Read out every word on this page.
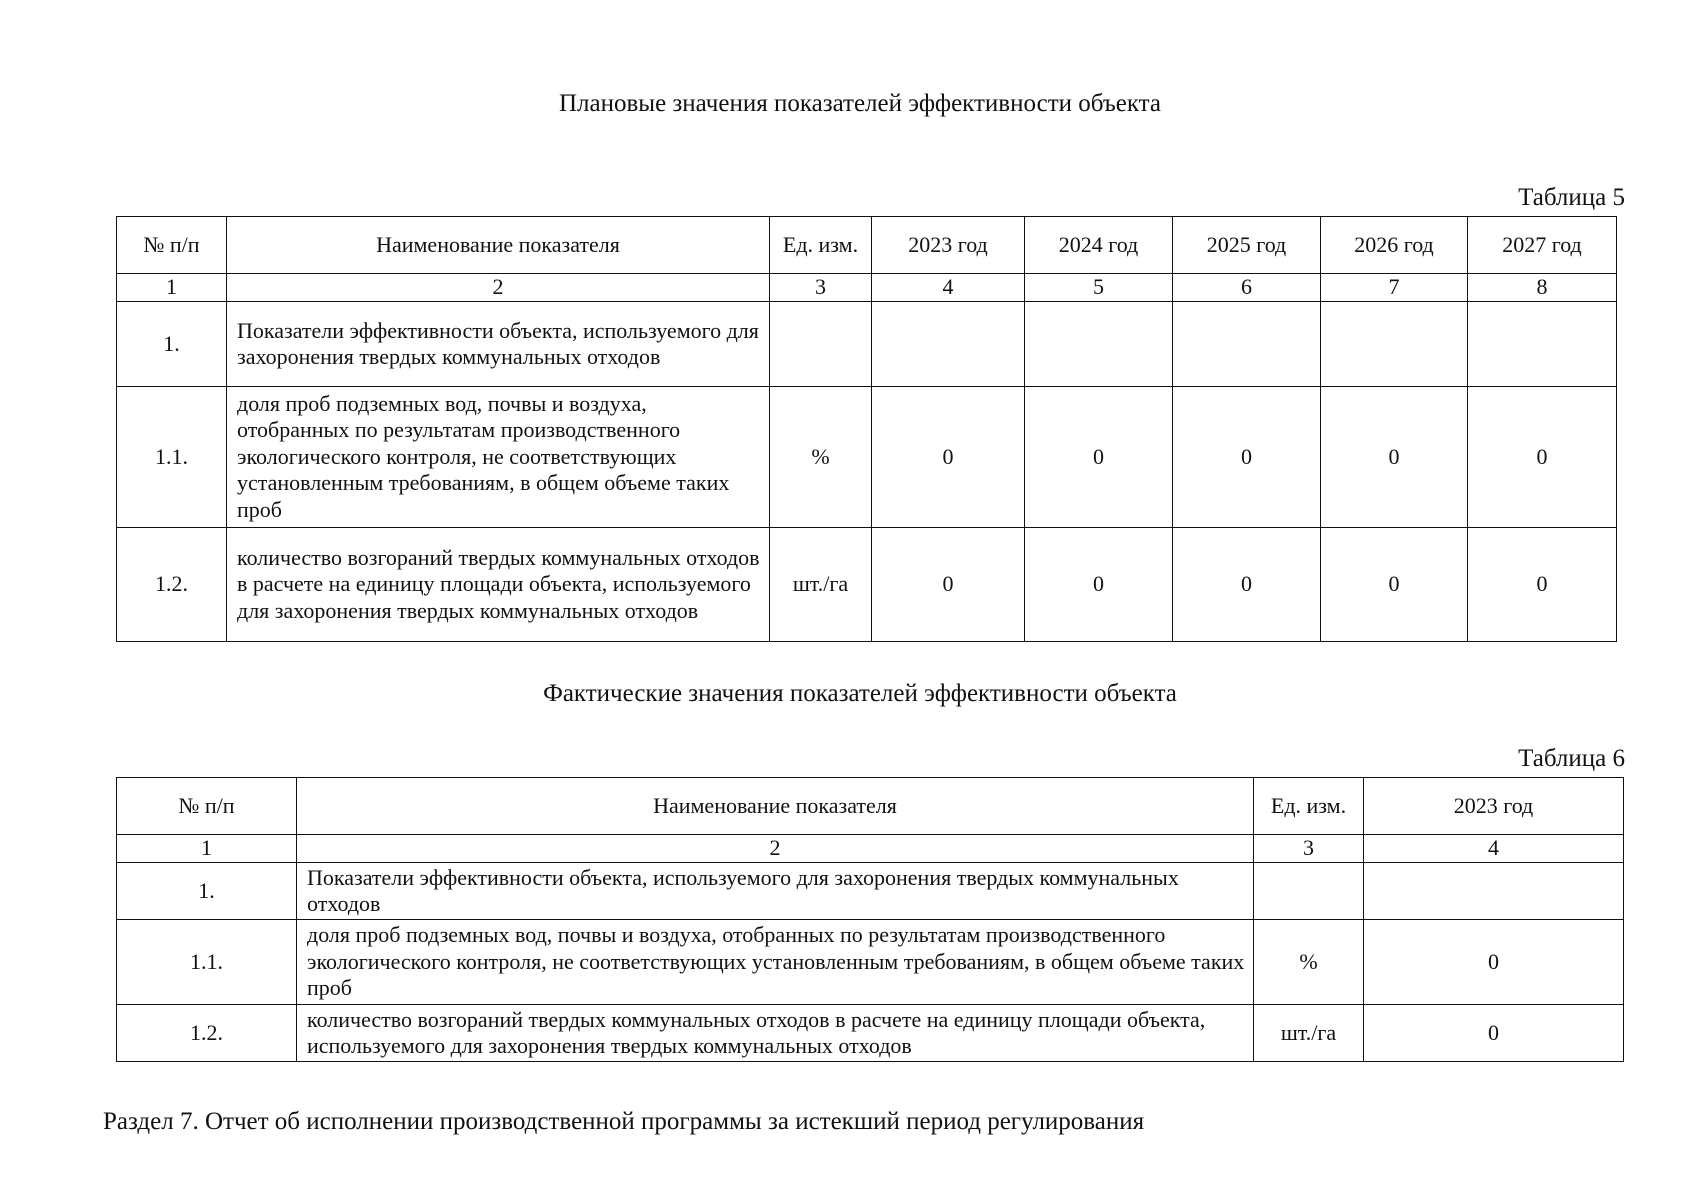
Плановые значения показателей эффективности объекта
Таблица 5
№ п/п	Наименование показателя	Ед. изм.	2023 год	2024 год	2025 год	2026 год	2027 год
1	2	3	4	5	6	7	8
1.	Показатели эффективности объекта, используемого для захоронения твердых коммунальных отходов						
1.1.	доля проб подземных вод, почвы и воздуха, отобранных по результатам производственного экологического контроля, не соответствующих установленным требованиям, в общем объеме таких проб	%	0	0	0	0	0
1.2.	количество возгораний твердых коммунальных отходов в расчете на единицу площади объекта, используемого для захоронения твердых коммунальных отходов	шт./га	0	0	0	0	0
Фактические значения показателей эффективности объекта
Таблица 6
№ п/п	Наименование показателя	Ед. изм.	2023 год
1	2	3	4
1.	Показатели эффективности объекта, используемого для захоронения твердых коммунальных отходов		
1.1.	доля проб подземных вод, почвы и воздуха, отобранных по результатам производственного экологического контроля, не соответствующих установленным требованиям, в общем объеме таких проб	%	0
1.2.	количество возгораний твердых коммунальных отходов в расчете на единицу площади объекта, используемого для захоронения твердых коммунальных отходов	шт./га	0
Раздел 7. Отчет об исполнении производственной программы за истекший период регулирования
